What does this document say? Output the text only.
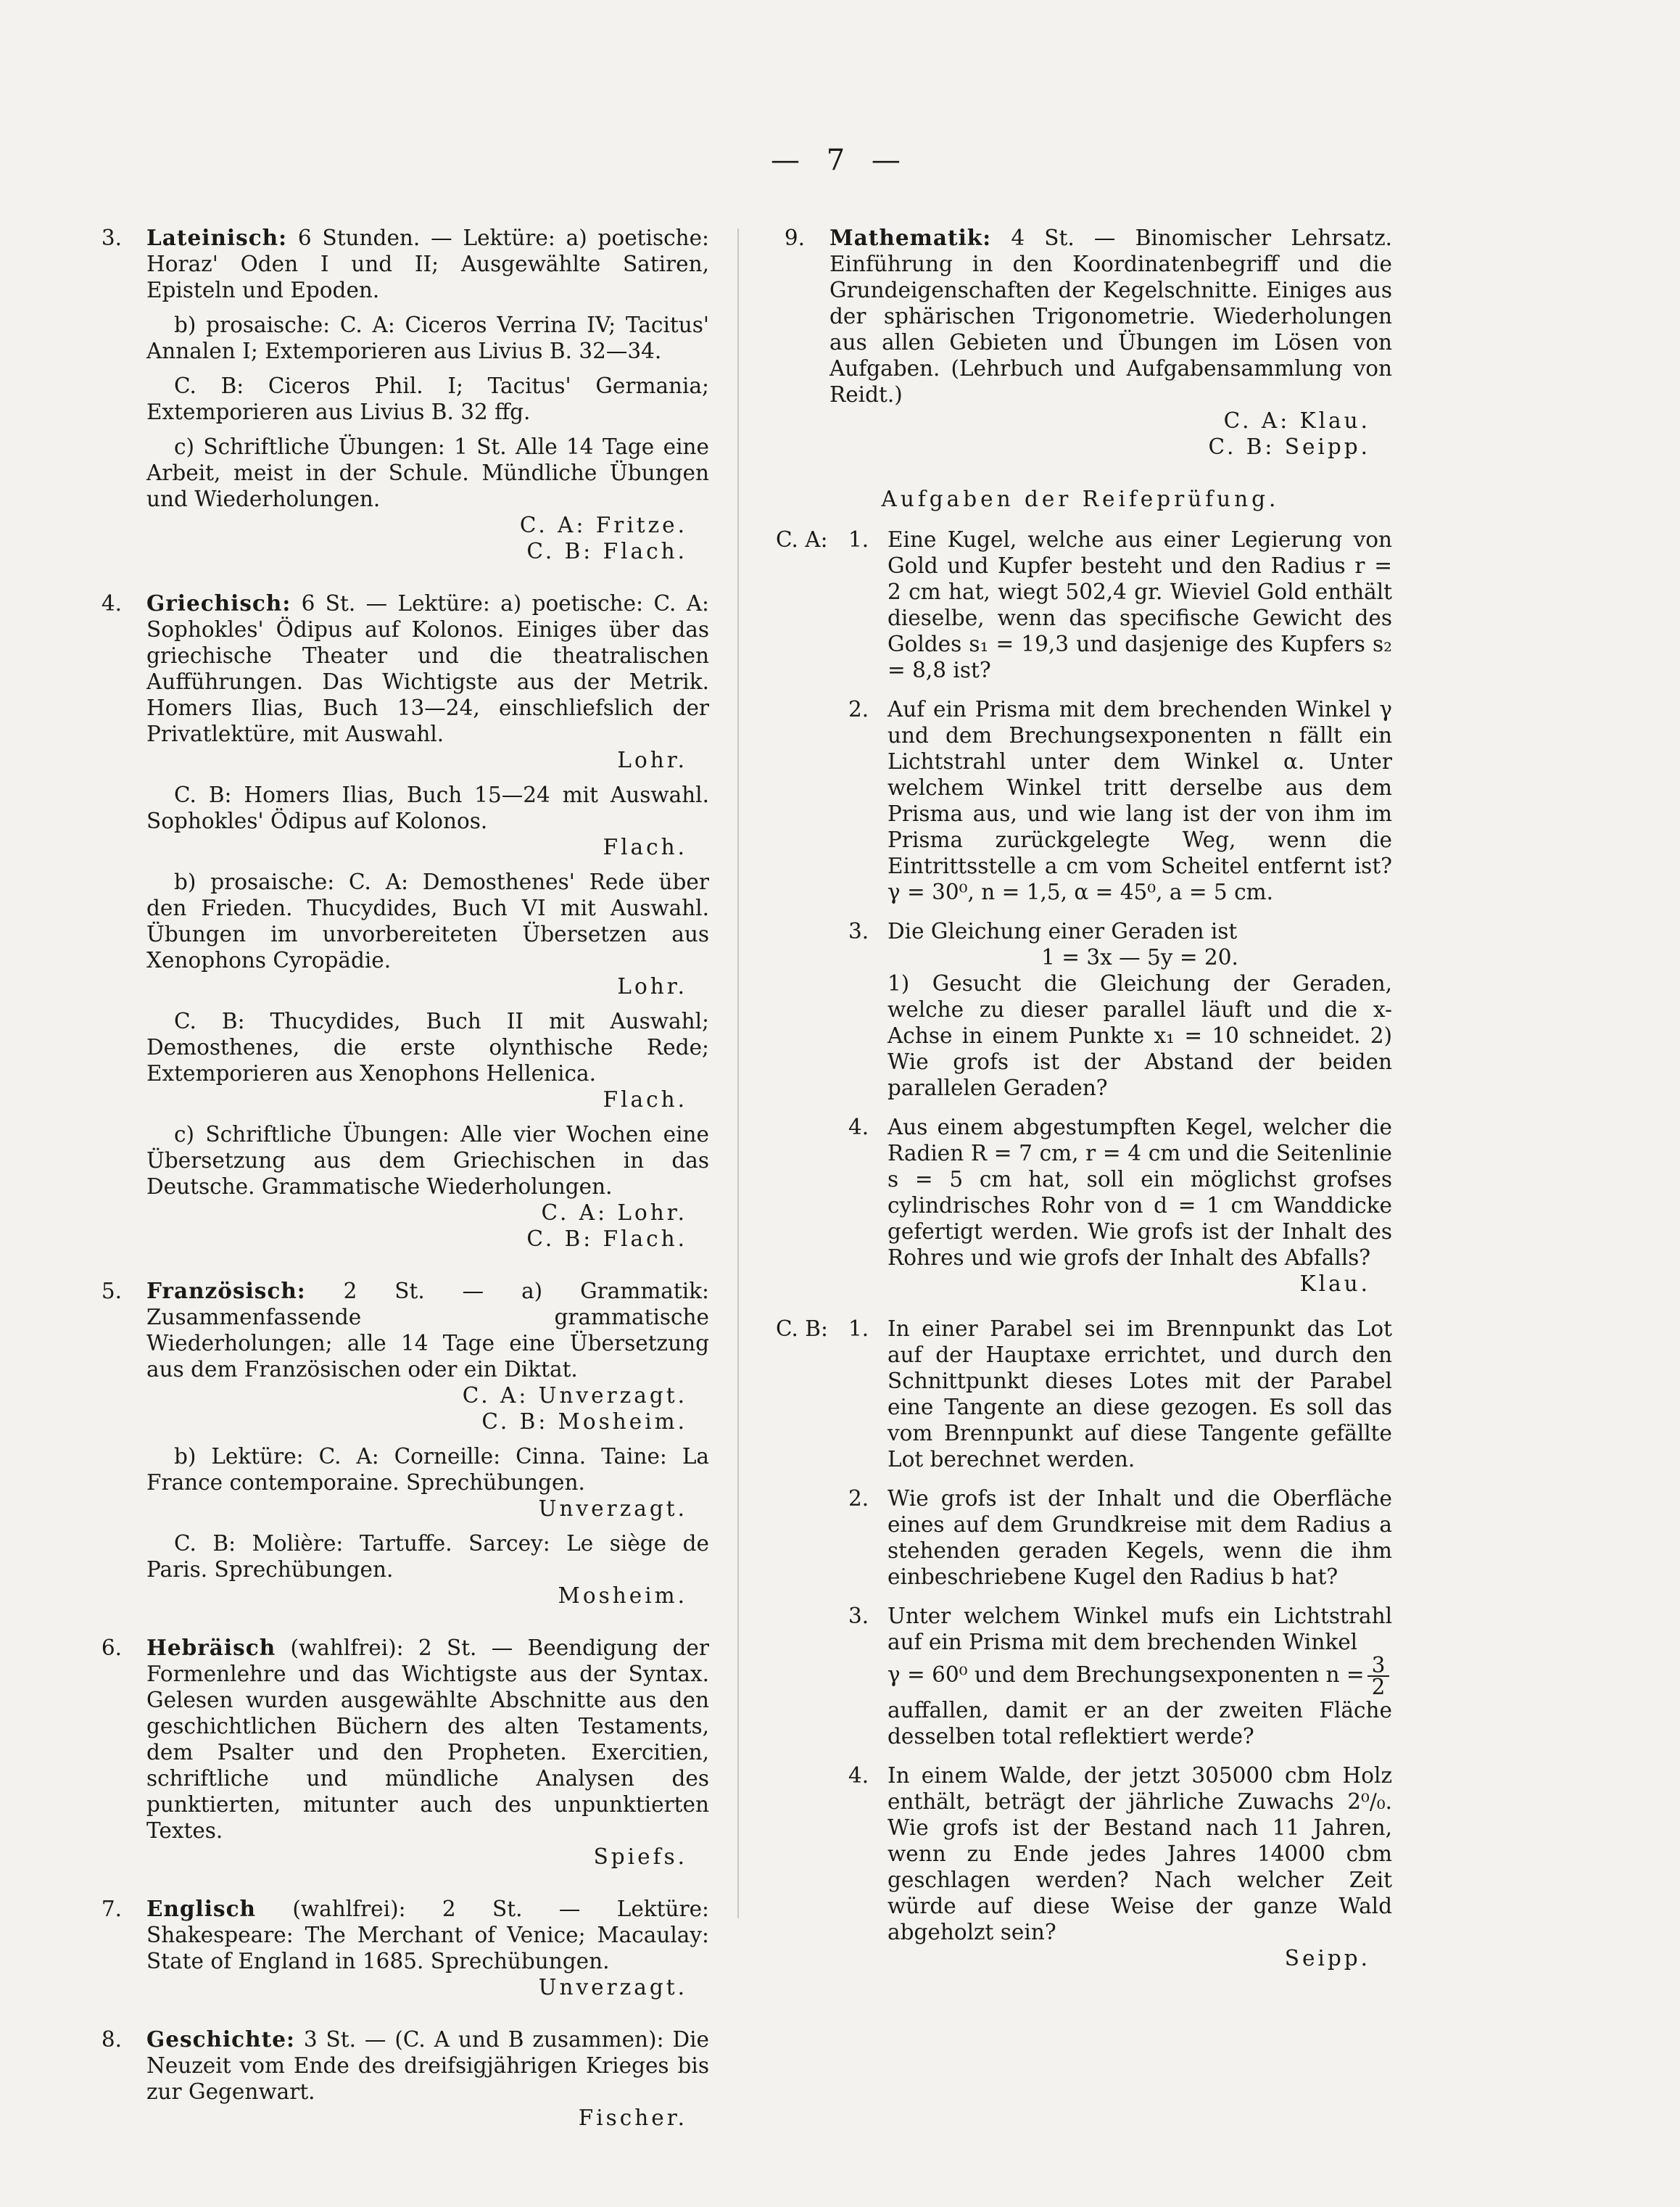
— 7 —
3. Lateinisch: 6 Stunden. — Lektüre: a) poetische: Horaz' Oden I und II; Ausgewählte Satiren, Episteln und Epoden.

b) prosaische: C. A: Ciceros Verrina IV; Tacitus' Annalen I; Extemporieren aus Livius B. 32—34.

C. B: Ciceros Phil. I; Tacitus' Germania; Extemporieren aus Livius B. 32 ffg.

c) Schriftliche Übungen: 1 St. Alle 14 Tage eine Arbeit, meist in der Schule. Mündliche Übungen und Wiederholungen.

C. A: Fritze.
C. B: Flach.
4. Griechisch: 6 St. — Lektüre: a) poetische: C. A: Sophokles' Ödipus auf Kolonos. Einiges über das griechische Theater und die theatralischen Aufführungen. Das Wichtigste aus der Metrik. Homers Ilias, Buch 13—24, einschliefslich der Privatlektüre, mit Auswahl.

Lohr.

C. B: Homers Ilias, Buch 15—24 mit Auswahl. Sophokles' Ödipus auf Kolonos.

Flach.

b) prosaische: C. A: Demosthenes' Rede über den Frieden. Thucydides, Buch VI mit Auswahl. Übungen im unvorbereiteten Übersetzen aus Xenophons Cyropädie.

Lohr.

C. B: Thucydides, Buch II mit Auswahl; Demosthenes, die erste olynthische Rede; Extemporieren aus Xenophons Hellenica.

Flach.

c) Schriftliche Übungen: Alle vier Wochen eine Übersetzung aus dem Griechischen in das Deutsche. Grammatische Wiederholungen.

C. A: Lohr.
C. B: Flach.
5. Französisch: 2 St. — a) Grammatik: Zusammenfassende grammatische Wiederholungen; alle 14 Tage eine Übersetzung aus dem Französischen oder ein Diktat.

C. A: Unverzagt.
C. B: Mosheim.

b) Lektüre: C. A: Corneille: Cinna. Taine: La France contemporaine. Sprechübungen.

Unverzagt.

C. B: Molière: Tartuffe. Sarcey: Le siège de Paris. Sprechübungen.

Mosheim.
6. Hebräisch (wahlfrei): 2 St. — Beendigung der Formenlehre und das Wichtigste aus der Syntax. Gelesen wurden ausgewählte Abschnitte aus den geschichtlichen Büchern des alten Testaments, dem Psalter und den Propheten. Exercitien, schriftliche und mündliche Analysen des punktierten, mitunter auch des unpunktierten Textes.

Spiefs.
7. Englisch (wahlfrei): 2 St. — Lektüre: Shakespeare: The Merchant of Venice; Macaulay: State of England in 1685. Sprechübungen.

Unverzagt.
8. Geschichte: 3 St. — (C. A und B zusammen): Die Neuzeit vom Ende des dreifsigjährigen Krieges bis zur Gegenwart.

Fischer.
9. Mathematik: 4 St. — Binomischer Lehrsatz. Einführung in den Koordinatenbegriff und die Grundeigenschaften der Kegelschnitte. Einiges aus der sphärischen Trigonometrie. Wiederholungen aus allen Gebieten und Übungen im Lösen von Aufgaben. (Lehrbuch und Aufgabensammlung von Reidt.)

C. A: Klau.
C. B: Seipp.
Aufgaben der Reifeprüfung.
C. A: 1. Eine Kugel, welche aus einer Legierung von Gold und Kupfer besteht und den Radius r = 2 cm hat, wiegt 502,4 gr. Wieviel Gold enthält dieselbe, wenn das specifische Gewicht des Goldes s₁ = 19,3 und dasjenige des Kupfers s₂ = 8,8 ist?

2. Auf ein Prisma mit dem brechenden Winkel γ und dem Brechungsexponenten n fällt ein Lichtstrahl unter dem Winkel α. Unter welchem Winkel tritt derselbe aus dem Prisma aus, und wie lang ist der von ihm im Prisma zurückgelegte Weg, wenn die Eintrittsstelle a cm vom Scheitel entfernt ist? γ = 30⁰, n = 1,5, α = 45⁰, a = 5 cm.

3. Die Gleichung einer Geraden ist

1 = 3x — 5y = 20.

1) Gesucht die Gleichung der Geraden, welche zu dieser parallel läuft und die x-Achse in einem Punkte x₁ = 10 schneidet. 2) Wie grofs ist der Abstand der beiden parallelen Geraden?

4. Aus einem abgestumpften Kegel, welcher die Radien R = 7 cm, r = 4 cm und die Seitenlinie s = 5 cm hat, soll ein möglichst grofses cylindrisches Rohr von d = 1 cm Wanddicke gefertigt werden. Wie grofs ist der Inhalt des Rohres und wie grofs der Inhalt des Abfalls?

Klau.
C. B: 1. In einer Parabel sei im Brennpunkt das Lot auf der Hauptaxe errichtet, und durch den Schnittpunkt dieses Lotes mit der Parabel eine Tangente an diese gezogen. Es soll das vom Brennpunkt auf diese Tangente gefällte Lot berechnet werden.

2. Wie grofs ist der Inhalt und die Oberfläche eines auf dem Grundkreise mit dem Radius a stehenden geraden Kegels, wenn die ihm einbeschriebene Kugel den Radius b hat?

3. Unter welchem Winkel mufs ein Lichtstrahl auf ein Prisma mit dem brechenden Winkel

γ = 60⁰ und dem Brechungsexponenten $n = \frac{3}{2}$

auffallen, damit er an der zweiten Fläche desselben total reflektiert werde?

4. In einem Walde, der jetzt 305000 cbm Holz enthält, beträgt der jährliche Zuwachs 2⁰/₀. Wie grofs ist der Bestand nach 11 Jahren, wenn zu Ende jedes Jahres 14000 cbm geschlagen werden? Nach welcher Zeit würde auf diese Weise der ganze Wald abgeholzt sein?

Seipp.
